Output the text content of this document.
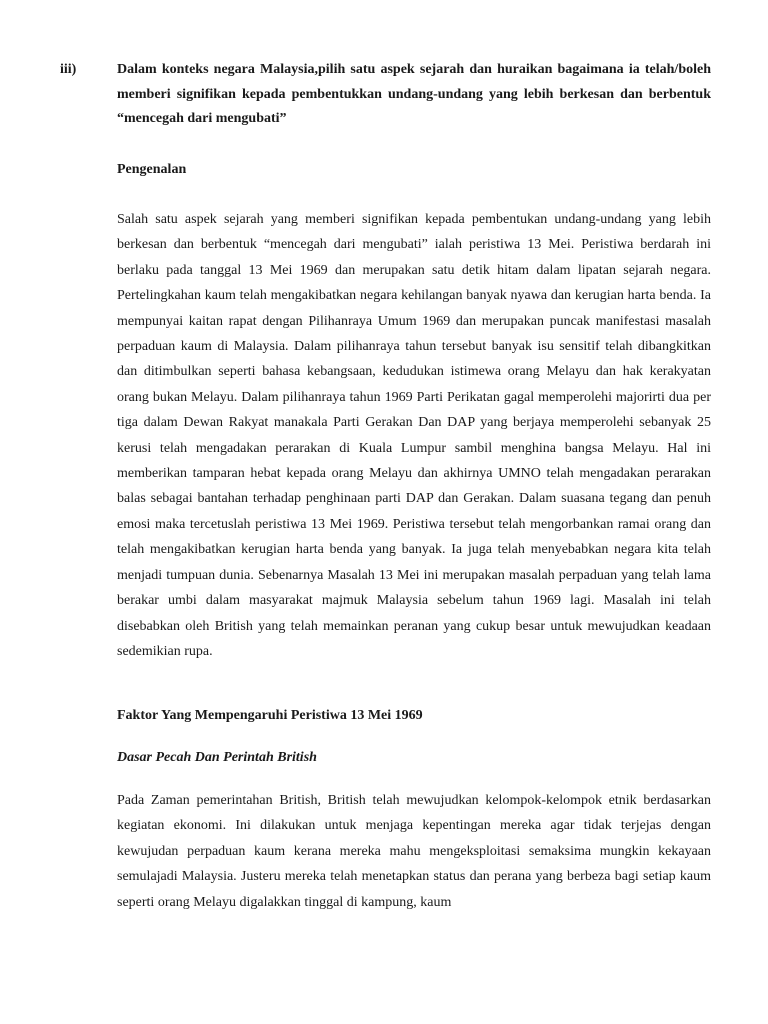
iii)	Dalam konteks negara Malaysia,pilih satu aspek sejarah dan huraikan bagaimana ia telah/boleh memberi signifikan kepada pembentukkan undang-undang yang lebih berkesan dan berbentuk “mencegah dari mengubati”
Pengenalan

Salah satu aspek sejarah yang memberi signifikan kepada pembentukan undang-undang yang lebih berkesan dan berbentuk “mencegah dari mengubati” ialah peristiwa 13 Mei. Peristiwa berdarah ini berlaku pada tanggal 13 Mei 1969 dan merupakan satu detik hitam dalam lipatan sejarah negara. Pertelingkahan kaum telah mengakibatkan negara kehilangan banyak nyawa dan kerugian harta benda. Ia mempunyai kaitan rapat dengan Pilihanraya Umum 1969 dan merupakan puncak manifestasi masalah perpaduan kaum di Malaysia. Dalam pilihanraya tahun tersebut banyak isu sensitif telah dibangkitkan dan ditimbulkan seperti bahasa kebangsaan, kedudukan istimewa orang Melayu dan hak kerakyatan orang bukan Melayu. Dalam pilihanraya tahun 1969 Parti Perikatan gagal memperolehi majorirti dua per tiga dalam Dewan Rakyat manakala Parti Gerakan Dan DAP yang berjaya memperolehi sebanyak 25 kerusi telah mengadakan perarakan di Kuala Lumpur sambil menghina bangsa Melayu. Hal ini memberikan tamparan hebat kepada orang Melayu dan akhirnya UMNO telah mengadakan perarakan balas sebagai bantahan terhadap penghinaan parti DAP dan Gerakan. Dalam suasana tegang dan penuh emosi maka tercetuslah peristiwa 13 Mei 1969. Peristiwa tersebut telah mengorbankan ramai orang dan telah mengakibatkan kerugian harta benda yang banyak. Ia juga telah menyebabkan negara kita telah menjadi tumpuan dunia. Sebenarnya Masalah 13 Mei ini merupakan masalah perpaduan yang telah lama berakar umbi dalam masyarakat majmuk Malaysia sebelum tahun 1969 lagi. Masalah ini telah disebabkan oleh British yang telah memainkan peranan yang cukup besar untuk mewujudkan keadaan sedemikian rupa.

Faktor Yang Mempengaruhi Peristiwa 13 Mei 1969
Dasar Pecah Dan Perintah British

Pada Zaman pemerintahan British, British telah mewujudkan kelompok-kelompok etnik berdasarkan kegiatan ekonomi. Ini dilakukan untuk menjaga kepentingan mereka agar tidak terjejas dengan kewujudan perpaduan kaum kerana mereka mahu mengeksploitasi semaksima mungkin kekayaan semulajadi Malaysia. Justeru mereka telah menetapkan status dan perana yang berbeza bagi setiap kaum seperti orang Melayu digalakkan tinggal di kampung, kaum
